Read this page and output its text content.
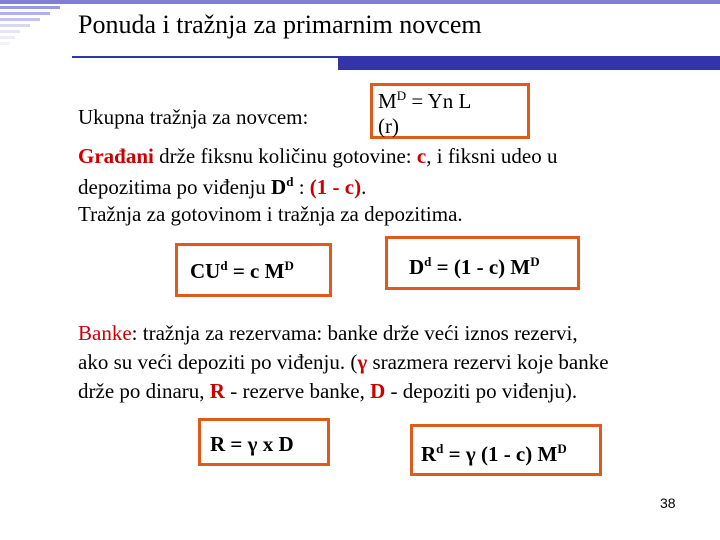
Ponuda i tražnja za primarnim novcem
Ukupna tražnja za novcem:
$M^D = Yn$ L
(r)
Građani drže fiksnu količinu gotovine: c, i fiksni udeo u
depozitima po viđenju $D^d$ : (1 - c).
Tražnja za gotovinom i tražnja za depozitima.
$CU^d = c$ $M^D$	$D^d = (1 - c)$ $M^D$
Banke: tražnja za rezervama: banke drže veći iznos rezervi,
ako su veći depoziti po viđenju. (γ srazmera rezervi koje banke
drže po dinaru, R - rezerve banke, D - depoziti po viđenju).
R = γ x D	$R^d = \gamma$ (1 - c) $M^D$
38
